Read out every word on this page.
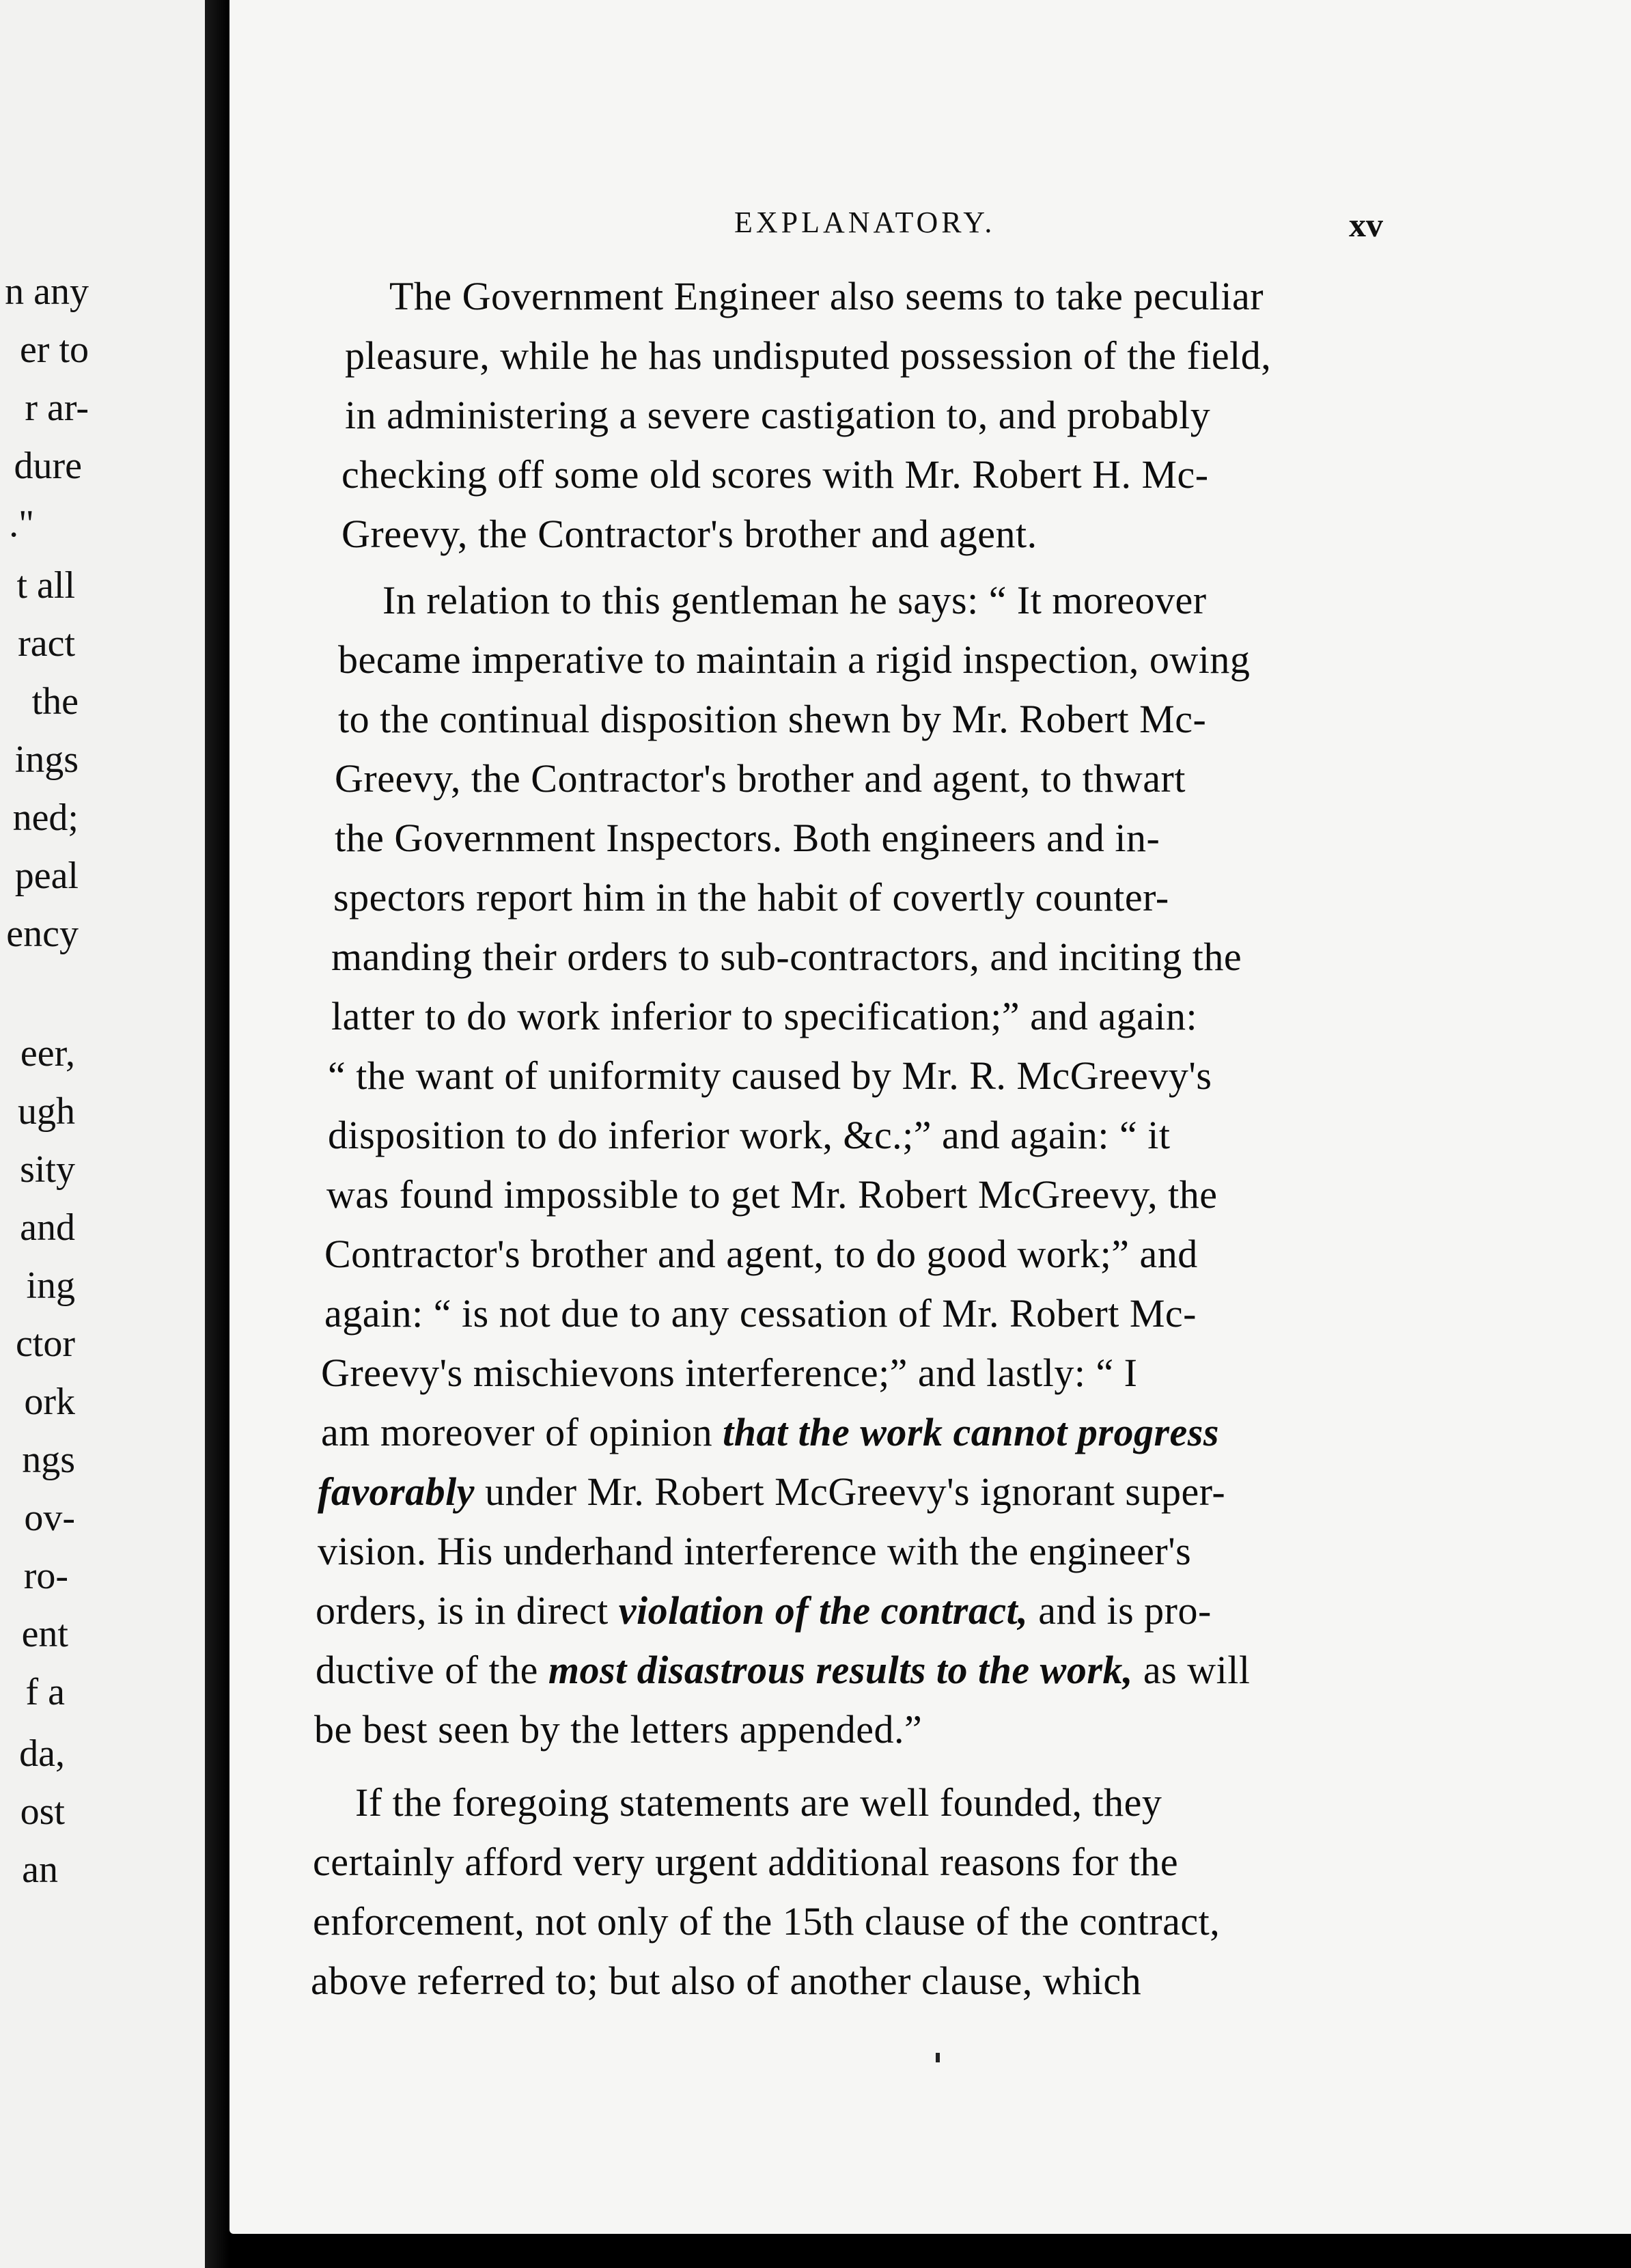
n any
er to
r ar-
dure
."
t all
ract
the
ings
ned;
peal
ency
eer,
ugh
sity
and
ing
ctor
ork
ngs
ov-
ro-
ent
f a
da,
ost
an
EXPLANATORY.	xv
The Government Engineer also seems to take peculiar
pleasure, while he has undisputed possession of the field,
in administering a severe castigation to, and probably
checking off some old scores with Mr. Robert H. Mc-
Greevy, the Contractor's brother and agent.
In relation to this gentleman he says: “ It moreover
became imperative to maintain a rigid inspection, owing
to the continual disposition shewn by Mr. Robert Mc-
Greevy, the Contractor's brother and agent, to thwart
the Government Inspectors. Both engineers and in-
spectors report him in the habit of covertly counter-
manding their orders to sub-contractors, and inciting the
latter to do work inferior to specification;” and again:
“ the want of uniformity caused by Mr. R. McGreevy's
disposition to do inferior work, &c.;” and again: “ it
was found impossible to get Mr. Robert McGreevy, the
Contractor's brother and agent, to do good work;” and
again: “ is not due to any cessation of Mr. Robert Mc-
Greevy's mischievons interference;” and lastly: “ I
am moreover of opinion that the work cannot progress
favorably under Mr. Robert McGreevy's ignorant super-
vision. His underhand interference with the engineer's
orders, is in direct violation of the contract, and is pro-
ductive of the most disastrous results to the work, as will
be best seen by the letters appended.”
If the foregoing statements are well founded, they
certainly afford very urgent additional reasons for the
enforcement, not only of the 15th clause of the contract,
above referred to; but also of another clause, which
